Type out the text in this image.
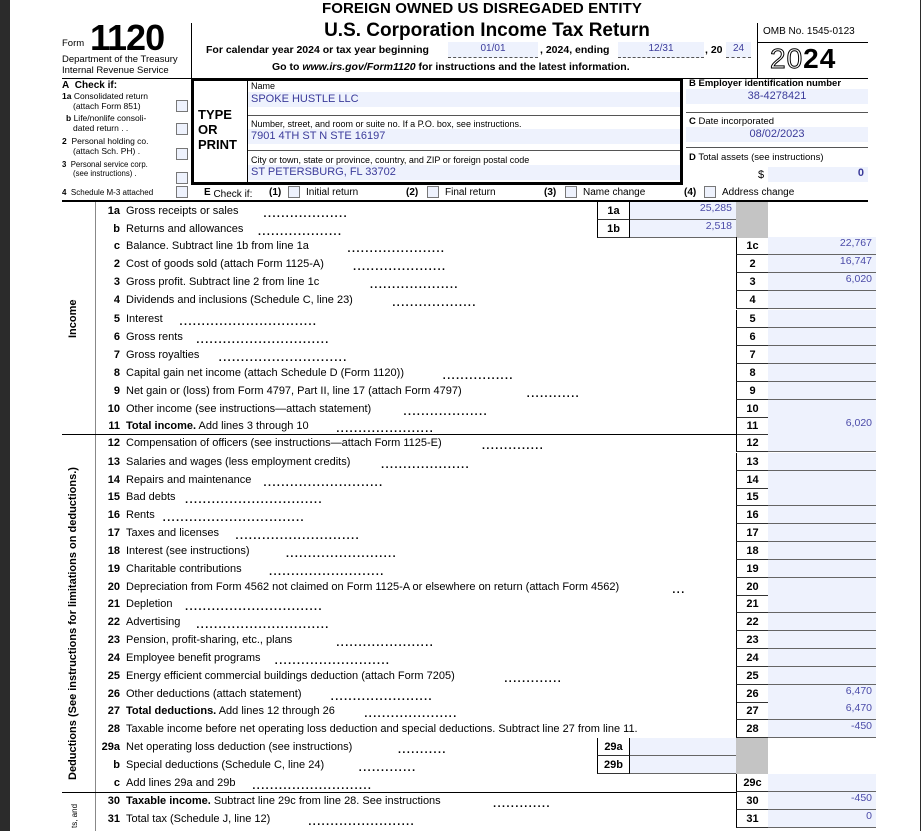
FOREIGN OWNED US DISREGADED ENTITY
Form 1120
Department of the Treasury
Internal Revenue Service
U.S. Corporation Income Tax Return
For calendar year 2024 or tax year beginning	01/01	, 2024, ending	12/31	, 20	24
Go to www.irs.gov/Form1120 for instructions and the latest information.
OMB No. 1545-0123
2024
A Check if:
1a Consolidated return
(attach Form 851)
b Life/nonlife consoli-
dated return . .
2 Personal holding co.
(attach Sch. PH) .
3 Personal service corp.
(see instructions) .
4 Schedule M-3 attached
TYPE
OR
PRINT
Name
SPOKE HUSTLE LLC
Number, street, and room or suite no. If a P.O. box, see instructions.
7901 4TH ST N STE 16197
City or town, state or province, country, and ZIP or foreign postal code
ST PETERSBURG, FL 33702
B Employer identification number
38-4278421
C Date incorporated
08/02/2023
D Total assets (see instructions)
$	0
E Check if: (1) Initial return	(2)	Final return	(3)	Name change	(4)	Address change
Income
Deductions (See instructions for limitations on deductions.)
ts, and
1a Gross receipts or sales	1a	25,285
...................
b Returns and allowances	1b	2,518
...................
c Balance. Subtract line 1b from line 1a	1c	22,767
......................
2 Cost of goods sold (attach Form 1125-A)	2	16,747
.....................
3 Gross profit. Subtract line 2 from line 1c	3	6,020
....................
4 Dividends and inclusions (Schedule C, line 23)	4
...................
5 Interest	5
...............................
6 Gross rents	6
..............................
7 Gross royalties	7
.............................
8 Capital gain net income (attach Schedule D (Form 1120))	8
................
9 Net gain or (loss) from Form 4797, Part II, line 17 (attach Form 4797)	9
............
10 Other income (see instructions—attach statement)	10
...................
11 Total income. Add lines 3 through 10	11	6,020
......................
12 Compensation of officers (see instructions—attach Form 1125-E)	12
..............
13 Salaries and wages (less employment credits)	13
....................
14 Repairs and maintenance	14
...........................
15 Bad debts	15
...............................
16 Rents	16
................................
17 Taxes and licenses	17
............................
18 Interest (see instructions)	18
.........................
19 Charitable contributions	19
..........................
20 Depreciation from Form 4562 not claimed on Form 1125-A or elsewhere on return (attach Form 4562)	20
...
21 Depletion	21
...............................
22 Advertising	22
..............................
23 Pension, profit-sharing, etc., plans	23
......................
24 Employee benefit programs	24
..........................
25 Energy efficient commercial buildings deduction (attach Form 7205)	25
.............
26 Other deductions (attach statement)	26	6,470
.......................
27 Total deductions. Add lines 12 through 26	27	6,470
.....................
28 Taxable income before net operating loss deduction and special deductions. Subtract line 27 from line 11.	28	-450
29a Net operating loss deduction (see instructions)	29a
...........
b Special deductions (Schedule C, line 24)	29b
.............
c Add lines 29a and 29b	29c
...........................
30 Taxable income. Subtract line 29c from line 28. See instructions	30	-450
.............
31 Total tax (Schedule J, line 12)	31	0
........................
